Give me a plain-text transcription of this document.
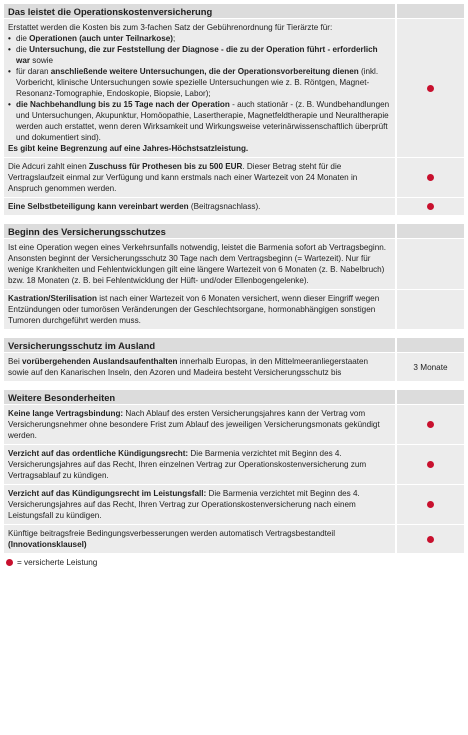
Das leistet die Operationskostenversicherung
Erstattet werden die Kosten bis zum 3-fachen Satz der Gebührenordnung für Tierärzte für:
• die Operationen (auch unter Teilnarkose);
• die Untersuchung, die zur Feststellung der Diagnose - die zu der Operation führt - erforderlich war sowie
• für daran anschließende weitere Untersuchungen, die der Operationsvorbereitung dienen (inkl. Vorbericht, klinische Untersuchungen sowie spezielle Untersuchungen wie z. B. Röntgen, Magnet-Resonanz-Tomographie, Endoskopie, Biopsie, Labor);
• die Nachbehandlung bis zu 15 Tage nach der Operation - auch stationär - (z. B. Wundbehandlungen und Untersuchungen, Akupunktur, Homöopathie, Lasertherapie, Magnetfeldtherapie und Neuraltherapie werden auch erstattet, wenn deren Wirksamkeit und Wirkungsweise veterinärwissenschaftlich überprüft und dokumentiert sind).
Es gibt keine Begrenzung auf eine Jahres-Höchstsatzleistung.
Die Adcuri zahlt einen Zuschuss für Prothesen bis zu 500 EUR. Dieser Betrag steht für die Vertragslaufzeit einmal zur Verfügung und kann erstmals nach einer Wartezeit von 24 Monaten in Anspruch genommen werden.
Eine Selbstbeteiligung kann vereinbart werden (Beitragsnachlass).
Beginn des Versicherungsschutzes
Ist eine Operation wegen eines Verkehrsunfalls notwendig, leistet die Barmenia sofort ab Vertragsbeginn. Ansonsten beginnt der Versicherungsschutz 30 Tage nach dem Vertragsbeginn (= Wartezeit). Nur für wenige Krankheiten und Fehlentwicklungen gilt eine längere Wartezeit von 6 Monaten (z. B. Nabelbruch) bzw. 18 Monaten (z. B. bei Fehlentwicklung der Hüft- und/oder Ellenbogengelenke).
Kastration/Sterilisation ist nach einer Wartezeit von 6 Monaten versichert, wenn dieser Eingriff wegen Entzündungen oder tumorösen Veränderungen der Geschlechtsorgane, hormonabhängigen sonstigen Tumoren durchgeführt werden muss.
Versicherungsschutz im Ausland
Bei vorübergehenden Auslandsaufenthalten innerhalb Europas, in den Mittelmeeranliegerstaaten sowie auf den Kanarischen Inseln, den Azoren und Madeira besteht Versicherungsschutz bis
3 Monate
Weitere Besonderheiten
Keine lange Vertragsbindung: Nach Ablauf des ersten Versicherungsjahres kann der Vertrag vom Versicherungsnehmer ohne besondere Frist zum Ablauf des jeweiligen Versicherungsmonats gekündigt werden.
Verzicht auf das ordentliche Kündigungsrecht: Die Barmenia verzichtet mit Beginn des 4. Versicherungsjahres auf das Recht, Ihren einzelnen Vertrag zur Operationskostenversicherung zum Vertragsablauf zu kündigen.
Verzicht auf das Kündigungsrecht im Leistungsfall: Die Barmenia verzichtet mit Beginn des 4. Versicherungsjahres auf das Recht, Ihren Vertrag zur Operationskostenversicherung nach einem Leistungsfall zu kündigen.
Künftige beitragsfreie Bedingungsverbesserungen werden automatisch Vertragsbestandteil (Innovationsklausel)
= versicherte Leistung
